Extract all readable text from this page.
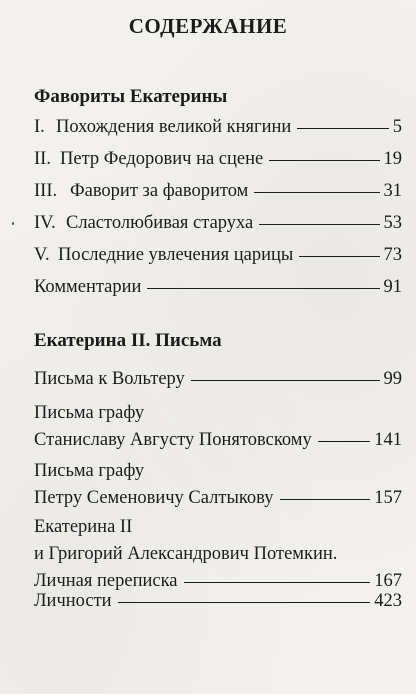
СОДЕРЖАНИЕ
Фавориты Екатерины
I. Похождения великой княгини	5
II. Петр Федорович на сцене	19
III. Фаворит за фаворитом	31
IV. Сластолюбивая старуха	53
V. Последние увлечения царицы	73
Комментарии	91
Екатерина II. Письма
Письма к Вольтеру	99
Письма графу
Станиславу Августу Понятовскому	141
Письма графу
Петру Семеновичу Салтыкову	157
Екатерина II
и Григорий Александрович Потемкин.
Личная переписка	167
Личности	423
